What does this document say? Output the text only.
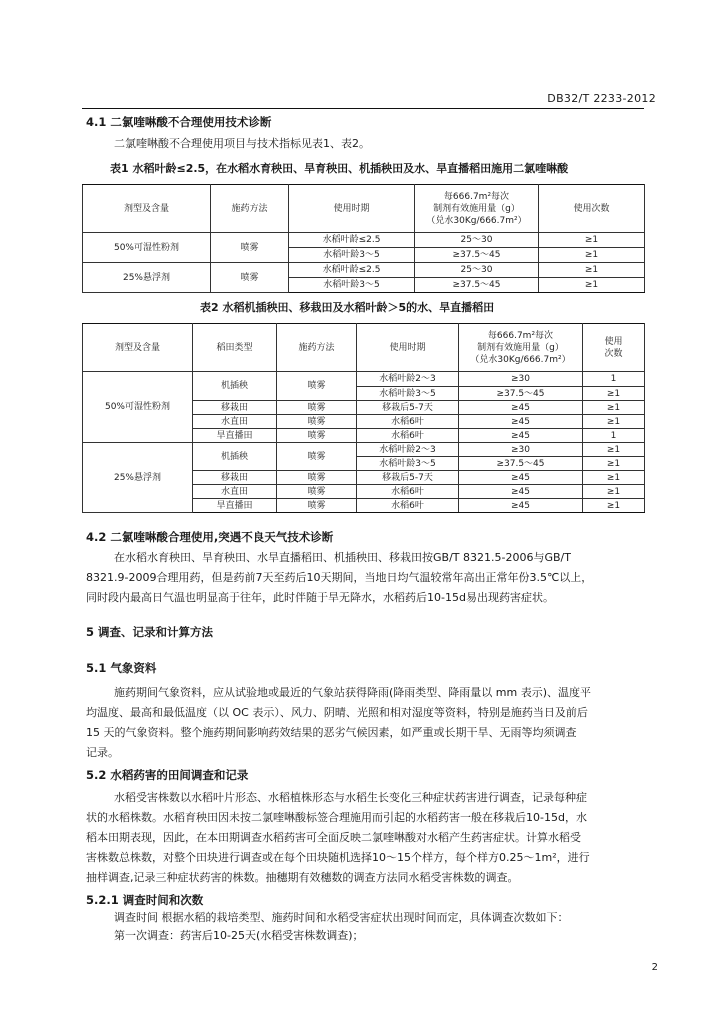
DB32/T 2233-2012
4.1 二氯喹啉酸不合理使用技术诊断
二氯喹啉酸不合理使用项目与技术指标见表1、表2。
表1 水稻叶龄≤2.5，在水稻水育秧田、旱育秧田、机插秧田及水、旱直播稻田施用二氯喹啉酸
剂型及含量	施药方法	使用时期	每666.7m²每次
制剂有效施用量（g）
（兑水30Kg/666.7m²）	使用次数
50%可湿性粉剂	喷雾	水稻叶龄≤2.5	25～30	≥1
		水稻叶龄3～5	≥37.5～45	≥1
25%悬浮剂	喷雾	水稻叶龄≤2.5	25～30	≥1
		水稻叶龄3～5	≥37.5～45	≥1
表2 水稻机插秧田、移栽田及水稻叶龄＞5的水、旱直播稻田
剂型及含量	稻田类型	施药方法	使用时期	每666.7m²每次
制剂有效施用量（g）
（兑水30Kg/666.7m²）	使用
次数
50%可湿性粉剂	机插秧	喷雾	水稻叶龄2～3	≥30	1
			水稻叶龄3～5	≥37.5～45	≥1
	移栽田	喷雾	移栽后5-7天	≥45	≥1
	水直田	喷雾	水稻6叶	≥45	≥1
	旱直播田	喷雾	水稻6叶	≥45	1
25%悬浮剂	机插秧	喷雾	水稻叶龄2～3	≥30	≥1
			水稻叶龄3～5	≥37.5～45	≥1
	移栽田	喷雾	移栽后5-7天	≥45	≥1
	水直田	喷雾	水稻6叶	≥45	≥1
	旱直播田	喷雾	水稻6叶	≥45	≥1
4.2 二氯喹啉酸合理使用,突遇不良天气技术诊断
在水稻水育秧田、旱育秧田、水旱直播稻田、机插秧田、移栽田按GB/T 8321.5-2006与GB/T
8321.9-2009合理用药，但是药前7天至药后10天期间，当地日均气温较常年高出正常年份3.5℃以上，
同时段内最高日气温也明显高于往年，此时伴随于旱无降水，水稻药后10-15d易出现药害症状。
5 调查、记录和计算方法
5.1 气象资料
施药期间气象资料，应从试验地或最近的气象站获得降雨(降雨类型、降雨量以 mm 表示)、温度平
均温度、最高和最低温度（以 OC 表示）、风力、阴晴、光照和相对湿度等资料，特别是施药当日及前后
15 天的气象资料。整个施药期间影响药效结果的恶劣气候因素，如严重或长期干旱、无雨等均须调查
记录。
5.2 水稻药害的田间调查和记录
水稻受害株数以水稻叶片形态、水稻植株形态与水稻生长变化三种症状药害进行调查，记录每种症
状的水稻株数。水稻育秧田因未按二氯喹啉酸标签合理施用而引起的水稻药害一般在移栽后10-15d，水
稻本田期表现，因此，在本田期调查水稻药害可全面反映二氯喹啉酸对水稻产生药害症状。计算水稻受
害株数总株数，对整个田块进行调查或在每个田块随机选择10～15个样方，每个样方0.25～1m²，进行
抽样调查,记录三种症状药害的株数。抽穗期有效穗数的调查方法同水稻受害株数的调查。
5.2.1 调查时间和次数
调查时间 根据水稻的栽培类型、施药时间和水稻受害症状出现时间而定，具体调查次数如下：
第一次调查：药害后10-25天(水稻受害株数调查)；
2
